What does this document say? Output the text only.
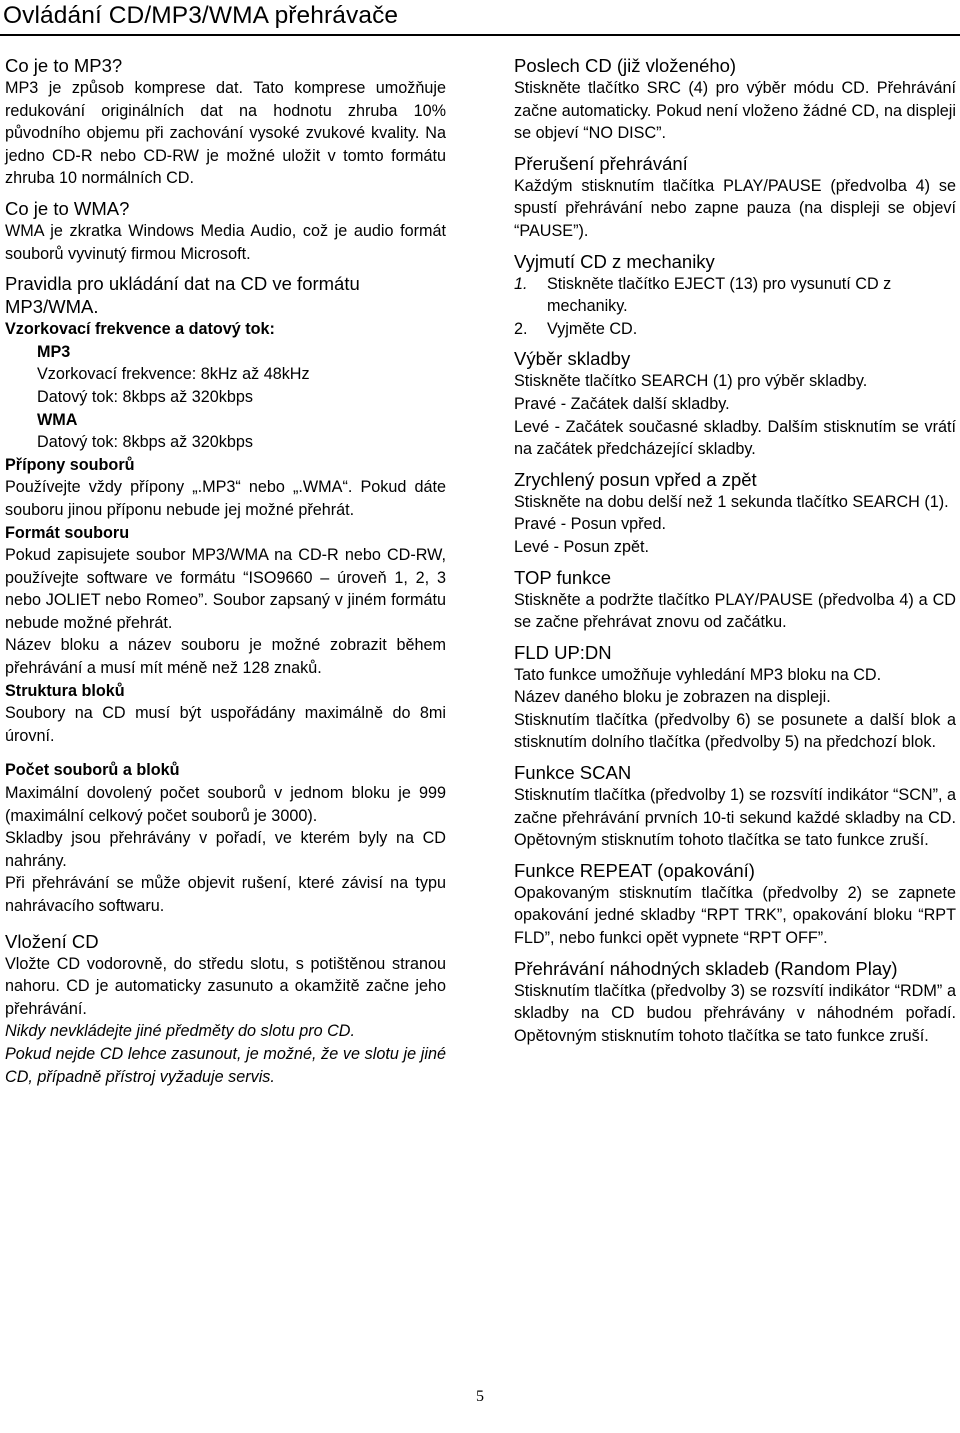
Ovládání CD/MP3/WMA přehrávače
Co je to MP3?

MP3 je způsob komprese dat. Tato komprese umožňuje redukování originálních dat na hodnotu zhruba 10% původního objemu při zachování vysoké zvukové kvality. Na jedno CD-R nebo CD-RW je možné uložit v tomto formátu zhruba 10 normálních CD.

Co je to WMA?

WMA je zkratka Windows Media Audio, což je audio formát souborů vyvinutý firmou Microsoft.

Pravidla pro ukládání dat na CD ve formátu MP3/WMA.

Vzorkovací frekvence a datový tok:

MP3

Vzorkovací frekvence: 8kHz až 48kHz

Datový tok: 8kbps až 320kbps

WMA

Datový tok: 8kbps až 320kbps

Přípony souborů

Používejte vždy přípony „.MP3“ nebo „.WMA“. Pokud dáte souboru jinou příponu nebude jej možné přehrát.

Formát souboru

Pokud zapisujete soubor MP3/WMA na CD-R nebo CD-RW, používejte software ve formátu “ISO9660 – úroveň 1, 2, 3 nebo JOLIET nebo Romeo”. Soubor zapsaný v jiném formátu nebude možné přehrát.

Název bloku a název souboru je možné zobrazit během přehrávání a musí mít méně než 128 znaků.

Struktura bloků

Soubory na CD musí být uspořádány maximálně do 8mi úrovní.

Počet souborů a bloků

Maximální dovolený počet souborů v jednom bloku je 999 (maximální celkový počet souborů je 3000).

Skladby jsou přehrávány v pořadí, ve kterém byly na CD nahrány.

Při přehrávání se může objevit rušení, které závisí na typu nahrávacího softwaru.

Vložení CD

Vložte CD vodorovně, do středu slotu, s potištěnou stranou nahoru. CD je automaticky zasunuto a okamžitě začne jeho přehrávání.

Nikdy nevkládejte jiné předměty do slotu pro CD.

Pokud nejde CD lehce zasunout, je možné, že ve slotu je jiné CD, případně přístroj vyžaduje servis.

Poslech CD (již vloženého)

Stiskněte tlačítko SRC (4) pro výběr módu CD. Přehrávání začne automaticky. Pokud není vloženo žádné CD, na displeji se objeví “NO DISC”.

Přerušení přehrávání

Každým stisknutím tlačítka PLAY/PAUSE (předvolba 4) se spustí přehrávání nebo zapne pauza (na displeji se objeví “PAUSE”).

Vyjmutí CD z mechaniky
1. Stiskněte tlačítko EJECT (13) pro vysunutí CD z mechaniky.
2. Vyjměte CD.
Výběr skladby

Stiskněte tlačítko SEARCH (1) pro výběr skladby.

Pravé - Začátek další skladby.

Levé - Začátek současné skladby. Dalším stisknutím se vrátí na začátek předcházející skladby.

Zrychlený posun vpřed a zpět

Stiskněte na dobu delší než 1 sekunda tlačítko SEARCH (1).

Pravé - Posun vpřed.

Levé - Posun zpět.

TOP funkce

Stiskněte a podržte tlačítko PLAY/PAUSE (předvolba 4) a CD se začne přehrávat znovu od začátku.

FLD UP:DN

Tato funkce umožňuje vyhledání MP3 bloku na CD.

Název daného bloku je zobrazen na displeji.

Stisknutím tlačítka (předvolby 6) se posunete a další blok a stisknutím dolního tlačítka (předvolby 5) na předchozí blok.

Funkce SCAN

Stisknutím tlačítka (předvolby 1) se rozsvítí indikátor “SCN”, a začne přehrávání prvních 10-ti sekund každé skladby na CD. Opětovným stisknutím tohoto tlačítka se tato funkce zruší.

Funkce REPEAT (opakování)

Opakovaným stisknutím tlačítka (předvolby 2) se zapnete opakování jedné skladby “RPT TRK”, opakování bloku “RPT FLD”, nebo funkci opět vypnete “RPT OFF”.

Přehrávání náhodných skladeb (Random Play)

Stisknutím tlačítka (předvolby 3) se rozsvítí indikátor “RDM” a skladby na CD budou přehrávány v náhodném pořadí. Opětovným stisknutím tohoto tlačítka se tato funkce zruší.

5
